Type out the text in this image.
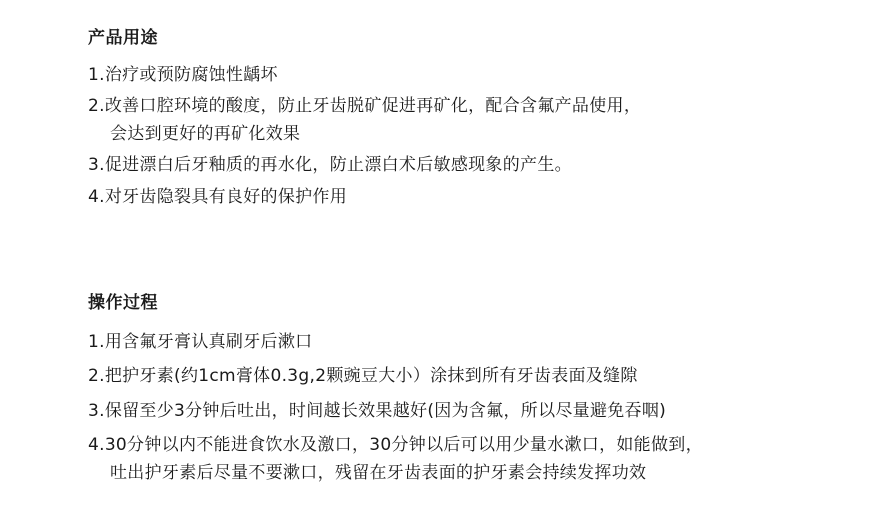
产品用途

1.治疗或预防腐蚀性龋坏

2.改善口腔环境的酸度，防止牙齿脱矿促进再矿化，配合含氟产品使用，
会达到更好的再矿化效果

3.促进漂白后牙釉质的再水化，防止漂白术后敏感现象的产生。

4.对牙齿隐裂具有良好的保护作用

操作过程

1.用含氟牙膏认真刷牙后漱口

2.把护牙素(约1cm膏体0.3g,2颗豌豆大小）涂抹到所有牙齿表面及缝隙

3.保留至少3分钟后吐出，时间越长效果越好(因为含氟，所以尽量避免吞咽)

4.30分钟以内不能进食饮水及激口，30分钟以后可以用少量水漱口，如能做到，
吐出护牙素后尽量不要漱口，残留在牙齿表面的护牙素会持续发挥功效
